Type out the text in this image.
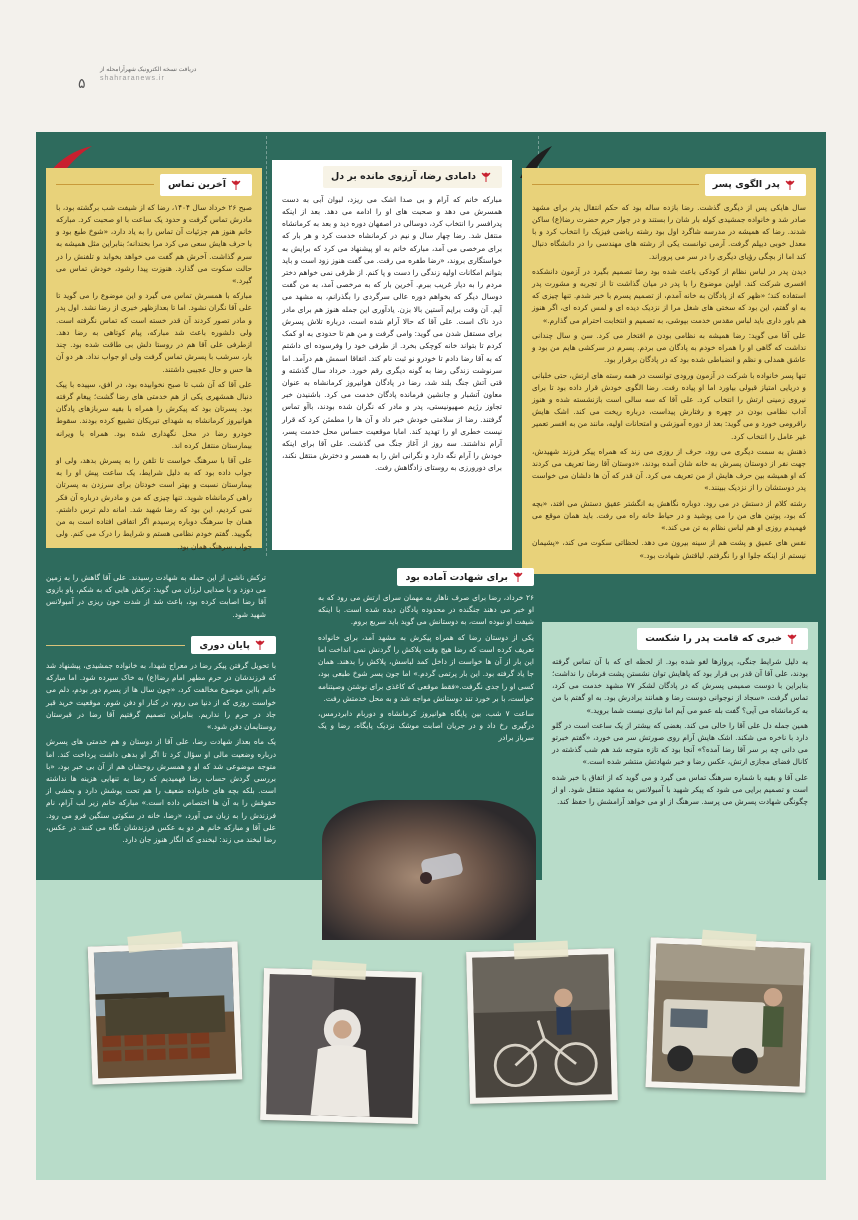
۵
دریافت نسخه الکترونیک شهرآرامحله از
shahraranews.ir
پدر الگوی پسر

سال هایکی پس از دیگری گذشت. رضا بازده ساله بود که حکم انتقال پدر برای مشهد صادر شد و خانواده جمشیدی کوله بار شان را بستند و در جوار حرم حضرت رضا(ع) ساکن شدند. رضا که همیشه در مدرسه شاگرد اول بود رشته ریاضی فیزیک را انتخاب کرد و با معدل خوبی دیپلم گرفت. آرمی توانست یکی از رشته های مهندسی را در دانشگاه دنبال کند اما از بچگی رؤیای دیگری را در سر می پروراند.

دیدن پدر در لباس نظام از کودکی باعث شده بود رضا تصمیم بگیرد در آزمون دانشکده افسری شرکت کند. اولین موضوع را با پدر در میان گذاشت تا از تجربه و مشورت پدر استفاده کند؛ «ظهر که از پادگان به خانه آمدم، از تصمیم پسرم با خبر شدم. تنها چیزی که به او گفتم، این بود که سختی های شغل مرا از نزدیک دیده ای و لمس کرده ای، اگر هنوز هم باور داری باید لباس مقدس خدمت بپوشی، به تصمیم و انتخابت احترام می گذارم.»

علی آقا می گوید: رضا همیشه به نظامی بودن م افتخار می کرد. سن و سال چندانی نداشت که گاهی او را همراه خودم به پادگان می بردم. پسرم در سرکشی هایم من بود و عاشق همدلی و نظم و انضباطی شده بود که در پادگان برقرار بود.

تنها پسر خانواده با شرکت در آزمون ورودی توانست در همه رسته های ارتش، حتی خلبانی و دریایی امتیاز قبولی بیاورد اما او پیاده رفت. رضا الگوی خودش قرار داده بود تا برای نیروی زمینی ارتش را انتخاب کرد. علی آقا که سه سالی است بازنشسته شده و هنوز آداب نظامی بودن در چهره و رفتارش پیداست، درباره ریخت می کند. اشک هایش راقرومی خورد و می گوید: بعد از دوره آموزشی و امتحانات اولیه، مانند من به افسر تعمیر غیر عامل را انتخاب کرد.

ذهنش به سمت دیگری می رود، حرف از روزی می زند که همراه پیکر فرزند شهیدش، جهت نفر از دوستان پسرش به خانه شان آمده بودند، «دوستان آقا رضا تعریف می کردند که او همیشه بین حرف هایش از من تعریف می کرد. آن قدر که آن ها دلشان می خواست پدر دوستشان را از نزدیک ببینند.»

رشته کلام از دستش در می رود. دوباره نگاهش به انگشتر عقیق دستش می افتد، «بچه که بود، پوتین های من را می پوشید و در حیاط خانه راه می رفت. باید همان موقع می فهمیدم روزی او هم لباس نظام به تن می کند.»

نفس های عمیق و پشت هم از سینه بیرون می دهد. لحظاتی سکوت می کند، «پشیمان نیستم از اینکه جلوا او را نگرفتم. لیاقتش شهادت بود.»

دامادی رضا، آرزوی مانده بر دل

مبارکه خانم که آرام و بی صدا اشک می ریزد، لبوان آبی به دست همسرش می دهد و صحبت های او را ادامه می دهد. بعد از اینکه پدرافسر را انتخاب کرد، دوسالی در اصفهان دوره دید و بعد به کرمانشاه منتقل شد. رضا چهار سال و نیم در کرمانشاه خدمت کرد و هر بار که برای مرخصی می آمد، مبارکه خانم به او پیشنهاد می کرد که برایش به خواستگاری بروند، «رضا طفره می رفت. می گفت هنوز زود است و باید بتوانم امکانات اولیه زندگی را دست و پا کنم. از ظرفی نمی خواهم دختر مردم را به دیار غریب ببرم. آخرین بار که به مرخصی آمد، به من گفت دوسال دیگر که بخواهم دوره عالی سرگردی را بگذرانم، به مشهد می آیم. آن وقت برایم آستین بالا بزن. یادآوری این جمله هنوز هم برای مادر درد ناک است. علی آقا که حالا آرام شده است، درباره تلاش پسرش برای مستقل شدن می گوید: وامی گرفت و من هم تا حدودی به او کمک کردم تا بتواند خانه کوچکی بخرد. از طرفی خود را وفرسوده ای داشتم که به آقا رضا دادم تا خودرو نو ثبت نام کند. اتفاقا اسمش هم درآمد. اما سرنوشت زندگی رضا به گونه دیگری رقم خورد. خرداد سال گذشته و قتی آتش جنگ بلند شد، رضا در پادگان هوانیروز کرمانشاه به عنوان معاون آتشبار و جانشین فرمانده پادگان خدمت می کرد. باشنیدن خبر تجاوز رژیم صهیونیستی، پدر و مادر که نگران شده بودند، باآو تماس گرفتند. رضا از سلامتی خودش خبر داد و آن ها را مطمئن کرد که قرار نیست خطری او را تهدید کند. امابا موقعیت حساس محل خدمت پسر، آرام نداشتند. سه روز از آغاز جنگ می گذشت. علی آقا برای اینکه خودش را آرام نگه دارد و نگرانی اش را به همسر و دخترش منتقل نکند، برای دورورزی به روستای زادگاهش رفت.

آخرین تماس

صبح ۲۶ خرداد سال ۱۴۰۴، رضا که از شیفت شب برگشته بود، با مادرش تماس گرفت و حدود یک ساعت با او صحبت کرد. مبارکه خانم هنوز هم جزئیات آن تماس را به یاد دارد، «شوخ طبع بود و با حرف هایش سعی می کرد مرا بخندانه؛ بنابراین مثل همیشه به سرم گذاشت. آخرش هم گفت می خواهد بخوابد و تلفنش را در حالت سکوت می گذارد. هنوزت پیدا رشود، خودش تماس می گیرد.»

مبارکه با همسرش تماس می گیرد و این موضوع را می گوید تا علی آقا نگران نشود. اما تا بعدازظهر خبری از رضا نشد. اول پدر و مادر تصور کردند آن قدر خسته است که تماس نگرفته است. ولی دلشوره باعث شد مبارکه، پیام کوتاهی به رضا دهد. ازطرفی علی آقا هم در روستا دلش بی طاقت شده بود. چند بار، سرشب با پسرش تماس گرفت ولی او جواب نداد. هر دو آن ها حس و حال عجیبی داشتند.

علی آقا که آن شب تا صبح نخوابیده بود، در افق، سپیده با پیک دنبال همشهری یکی از هم خدمتی های رضا گشت؛ پیغام گرفته بود. پسرتان بود که پیکرش را همراه با بقیه سربازهای پادگان هوانیروز کرمانشاه به شهدای تبریکان تشییع کرده بودند. سقوط خودرو رضا در محل نگهداری شده بود. همراه با ویرانه بیمارستان منتقل کرده اند.

علی آقا با سرهنگ خواست تا تلفن را به پسرش بدهد، ولی او جواب داده بود که به دلیل شرایط، یک ساعت پیش او را به بیمارستان نسبت و بهتر است خودتان برای سرزدن به پسرتان راهی کرمانشاه شوید. تنها چیزی که من و مادرش درباره آن فکر نمی کردیم، این بود که رضا شهید شد. امانه دلم ترس داشتم. همان جا سرهنگ دوباره پرسیدم اگر اتفاقی افتاده است به من بگویید. گفتم خودم نظامی هستم و شرایط را درک می کنم. ولی جواب سرهنگ همان بود.

برای شهادت آماده بود

۲۶ خرداد، رضا برای صرف ناهار به مهمان سرای ارتش می رود که به او خبر می دهند جنگنده در محدوده پادگان دیده شده است. با اینکه شیفت او نبوده است، به دوستانش می گوید باید سریع بروم.

یکی از دوستان رضا که همراه پیکرش به مشهد آمد، برای خانواده تعریف کرده است که رضا هیچ وقت پلاکش را گردنش نمی انداخت اما این بار از آن ها خواست از داخل کمد لباسش، پلاکش را بدهند. همان جا یاد گرفته بود. این بار پرتمی گردم.» اما جون پسر شوخ طبعی بود، کسی او را جدی نگرفت.«فقط موقعی که کاغذی برای نوشتن وصیتنامه خواست، با بر خورد تند دوستانش مواجه شد و به محل خدمتش رفت.

ساعت ۷ شب، بین پایگاه هوانیروز کرمانشاه و دوربام دابردرمس، درگیری رخ داد و در جریان اصابت موشک نزدیک پایگاه، رضا و یک سرباز برادر

ترکش ناشی از این حمله به شهادت رسیدند. علی آقا گاهش را به زمین می دوزد و با صدایی لرزان می گوید: ترکش هایی که به شکم، پاو بازوی آقا رضا اصابت کرده بود، باعث شد از شدت خون ریزی در آمبولانس شهید شود.

پایان دوری

با تحویل گرفتن پیکر رضا در معراج شهدا، به خانواده جمشیدی، پیشنهاد شد که فرزندشان در حرم مطهر امام رضا(ع) به خاک سپرده شود. اما مبارکه خانم بااین موضوع مخالفت کرد، «چون سال ها از پسرم دور بودم، دلم می خواست روزی که از دنیا می روم، در کنار او دفن شوم. موقعیت خرید قبر جاد در حرم را نداریم. بنابراین تصمیم گرفتیم آقا رضا در قبرستان روستایمان دفن شود.»

یک ماه بعداز شهادت رضا، علی آقا از دوستان و هم خدمتی های پسرش درباره وضعیت مالی او سؤال کرد تا اگر او بدهی داشت پرداخت کند. اما متوجه موضوعی شد که او و همسرش روحشان هم از آن بی خبر بود، «با بررسی گردش حساب رضا فهمیدیم که رضا به تنهایی هزینه ها نداشته است. بلکه بچه های خانواده ضعیف را هم تحت پوشش دارد و بخشی از حقوقش را به آن ها اختصاص داده است.» مبارکه خانم زیر لب آرام، نام فرزندش را به زبان می آورد، «رضا، خانه در سکوتی سنگین فرو می رود. علی آقا و مبارکه خانم هر دو به عکس فرزندشان نگاه می کنند. در عکس، رضا لبخند می زند: لبخندی که انگار هنوز جان دارد.

خبری که قامت پدر را شکست

به دلیل شرایط جنگی، پروازها لغو شده بود. از لحظه ای که با آن تماس گرفته بودند، علی آقا آن قدر بی قرار بود که پاهایش توان نشستن پشت فرمان را نداشت؛ بنابراین با دوست صمیمی پسرش که در پادگان لشکر ۷۷ مشهد خدمت می کرد، تماس گرفت، «سجاد از نوجوانی دوست رضا و همانند برادرش بود. به او گفتم با من به کرمانشاه می آیی؟ گفت بله عمو می آیم اما نیازی نیست شما بروید.»

همین جمله دل علی آقا را خالی می کند. بغضی که بیشتر از یک ساعت است در گلو دارد با ناخره می شکند. اشک هایش آرام روی صورتش سر می خورد، «گفتم خبرتو می دانی چه بر سر آقا رضا آمده؟» آنجا بود که تازه متوجه شد هم شب گذشته در کانال فضای مجازی ارتش، عکس رضا و خبر شهادتش منتشر شده است.»

علی آقا و بقیه با شماره سرهنگ تماس می گیرد و می گوید که از اتفاق با خبر شده است و تصمیم برایی می شود که پیکر شهید با آمبولانس به مشهد منتقل شود. او از چگونگی شهادت پسرش می پرسد. سرهنگ از او می خواهد آرامشش را حفظ کند.
